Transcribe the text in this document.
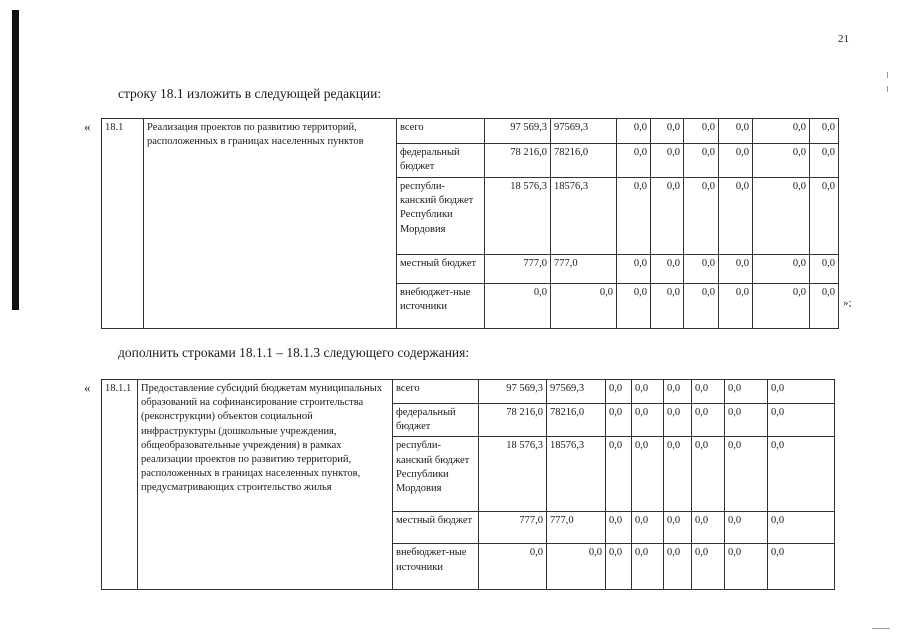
21
строку 18.1 изложить в следующей редакции:
« 18.1	Реализация проектов по развитию территорий, расположенных в границах населенных пунктов	всего	97 569,3	97569,3	0,0	0,0	0,0	0,0	0,0	0,0
		федеральный бюджет	78 216,0	78216,0	0,0	0,0	0,0	0,0	0,0	0,0
		республи-канский бюджет Республики Мордовия	18 576,3	18576,3	0,0	0,0	0,0	0,0	0,0	0,0
		местный бюджет	777,0	777,0	0,0	0,0	0,0	0,0	0,0	0,0
		внебюджет-ные источники	0,0	0,0	0,0	0,0	0,0	0,0	0,0	0,0
»;
дополнить строками 18.1.1 – 18.1.3 следующего содержания:
« 18.1.1	Предоставление субсидий бюджетам муниципальных образований на софинансирование строительства (реконструкции) объектов социальной инфраструктуры (дошкольные учреждения, общеобразовательные учреждения) в рамках реализации проектов по развитию территорий, расположенных в границах населенных пунктов, предусматривающих строительство жилья	всего	97 569,3	97569,3	0,0	0,0	0,0	0,0	0,0	0,0
		федеральный бюджет	78 216,0	78216,0	0,0	0,0	0,0	0,0	0,0	0,0
		республи-канский бюджет Республики Мордовия	18 576,3	18576,3	0,0	0,0	0,0	0,0	0,0	0,0
		местный бюджет	777,0	777,0	0,0	0,0	0,0	0,0	0,0	0,0
		внебюджет-ные источники	0,0	0,0	0,0	0,0	0,0	0,0	0,0	0,0
